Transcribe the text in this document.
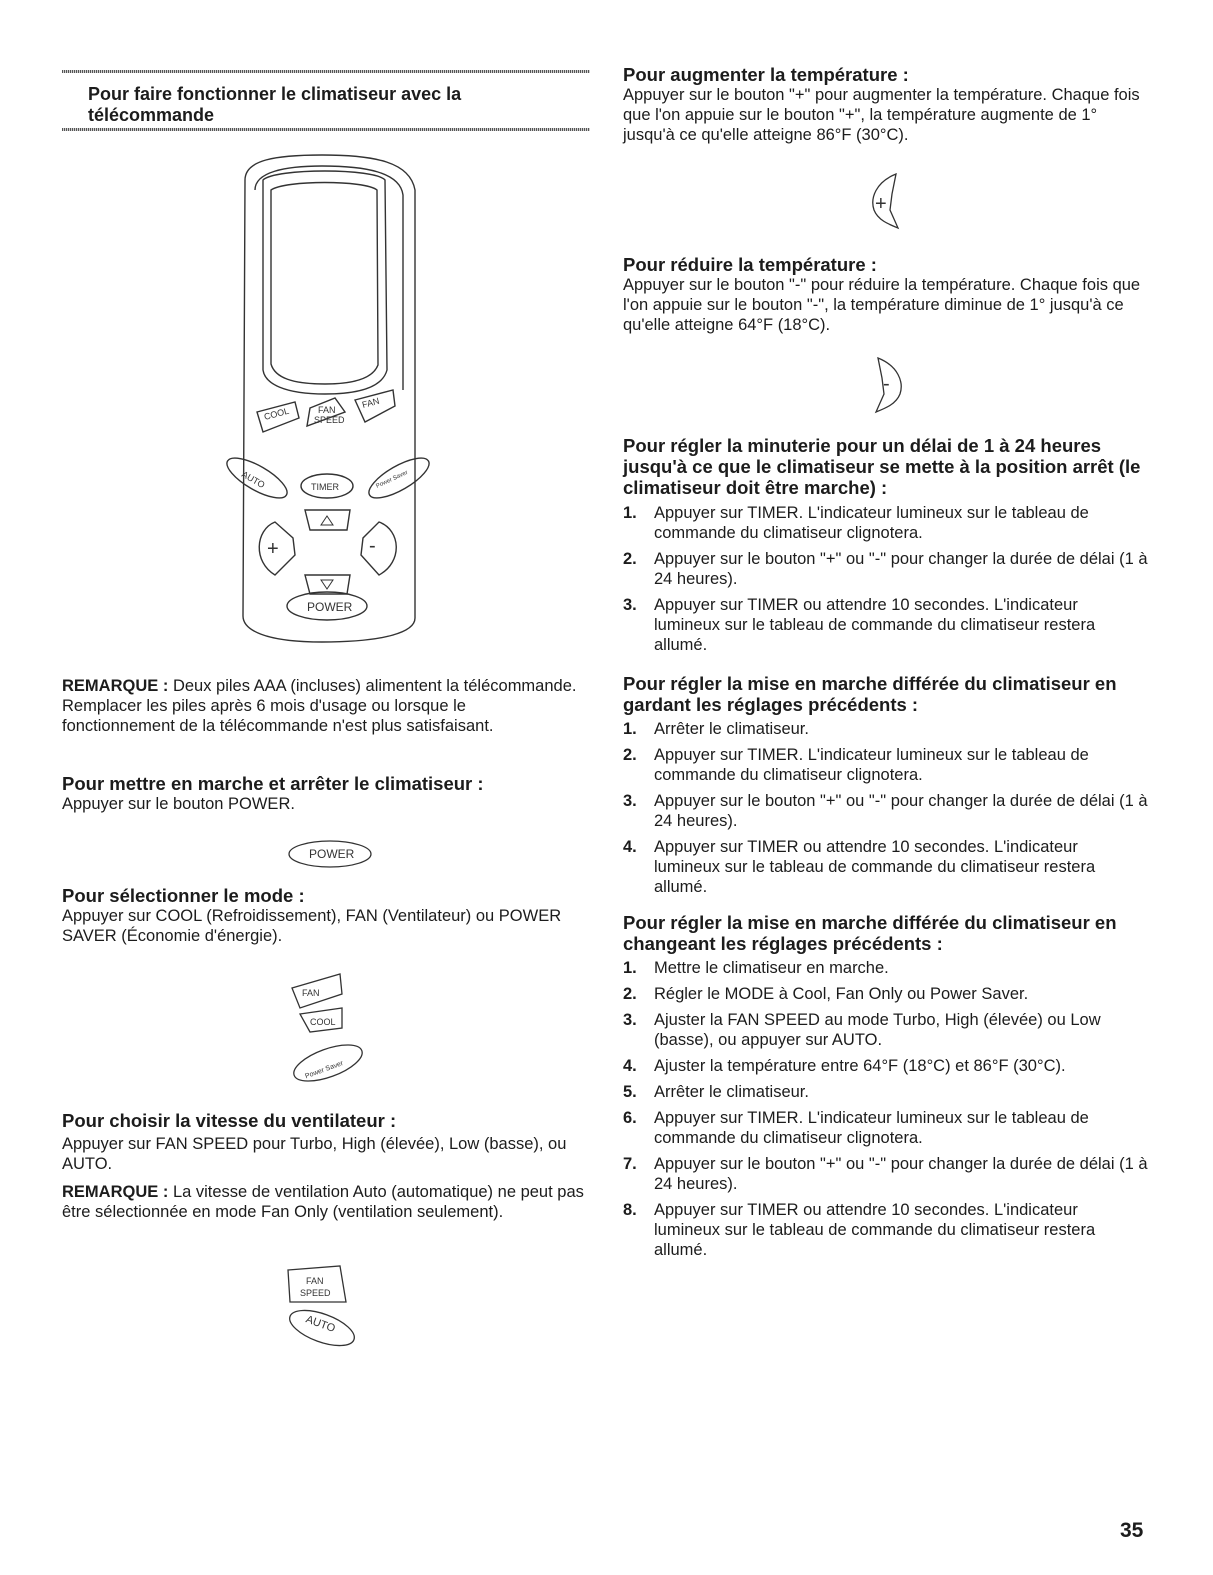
Pour faire fonctionner le climatiseur avec la télécommande
COOL	FAN
SPEED
FAN
AUTO	TIMER	Power Saver
+	-
POWER

REMARQUE : Deux piles AAA (incluses) alimentent la télécommande. Remplacer les piles après 6 mois d'usage ou lorsque le fonctionnement de la télécommande n'est plus satisfaisant.

Pour mettre en marche et arrêter le climatiseur :

Appuyer sur le bouton POWER.

POWER

Pour sélectionner le mode :

Appuyer sur COOL (Refroidissement), FAN (Ventilateur) ou POWER SAVER (Économie d'énergie).

FAN
COOL
Power Saver

Pour choisir la vitesse du ventilateur :

Appuyer sur FAN SPEED pour Turbo, High (élevée), Low (basse), ou AUTO.

REMARQUE : La vitesse de ventilation Auto (automatique) ne peut pas être sélectionnée en mode Fan Only (ventilation seulement).

FAN
SPEED
AUTO

Pour augmenter la température :

Appuyer sur le bouton "+" pour augmenter la température. Chaque fois que l'on appuie sur le bouton "+", la température augmente de 1° jusqu'à ce qu'elle atteigne 86°F (30°C).

+

Pour réduire la température :

Appuyer sur le bouton "-" pour réduire la température. Chaque fois que l'on appuie sur le bouton "-", la température diminue de 1° jusqu'à ce qu'elle atteigne 64°F (18°C).

-

Pour régler la minuterie pour un délai de 1 à 24 heures jusqu'à ce que le climatiseur se mette à la position arrêt (le climatiseur doit être marche) :

1. Appuyer sur TIMER. L'indicateur lumineux sur le tableau de commande du climatiseur clignotera.
2. Appuyer sur le bouton "+" ou "-" pour changer la durée de délai (1 à 24 heures).
3. Appuyer sur TIMER ou attendre 10 secondes. L'indicateur lumineux sur le tableau de commande du climatiseur restera allumé.

Pour régler la mise en marche différée du climatiseur en gardant les réglages précédents :

1. Arrêter le climatiseur.
2. Appuyer sur TIMER. L'indicateur lumineux sur le tableau de commande du climatiseur clignotera.
3. Appuyer sur le bouton "+" ou "-" pour changer la durée de délai (1 à 24 heures).
4. Appuyer sur TIMER ou attendre 10 secondes. L'indicateur lumineux sur le tableau de commande du climatiseur restera allumé.

Pour régler la mise en marche différée du climatiseur en changeant les réglages précédents :

1. Mettre le climatiseur en marche.
2. Régler le MODE à Cool, Fan Only ou Power Saver.
3. Ajuster la FAN SPEED au mode Turbo, High (élevée) ou Low (basse), ou appuyer sur AUTO.
4. Ajuster la température entre 64°F (18°C) et 86°F (30°C).
5. Arrêter le climatiseur.
6. Appuyer sur TIMER. L'indicateur lumineux sur le tableau de commande du climatiseur clignotera.
7. Appuyer sur le bouton "+" ou "-" pour changer la durée de délai (1 à 24 heures).
8. Appuyer sur TIMER ou attendre 10 secondes. L'indicateur lumineux sur le tableau de commande du climatiseur restera allumé.
35
